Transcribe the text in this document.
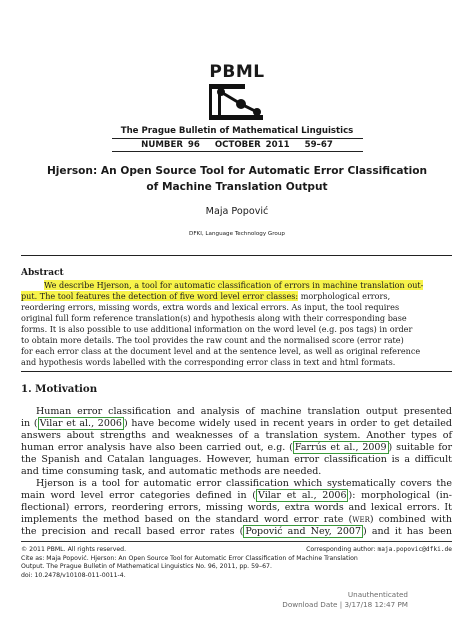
PBML
The Prague Bulletin of Mathematical Linguistics
NUMBER 96 OCTOBER 2011 59–67
Hjerson: An Open Source Tool for Automatic Error Classification
of Machine Translation Output
Maja Popović
DFKI, Language Technology Group
Abstract
We describe Hjerson, a tool for automatic classification of errors in machine translation out-
put. The tool features the detection of five word level error classes: morphological errors,
reordering errors, missing words, extra words and lexical errors. As input, the tool requires
original full form reference translation(s) and hypothesis along with their corresponding base
forms. It is also possible to use additional information on the word level (e.g. pos tags) in order
to obtain more details. The tool provides the raw count and the normalised score (error rate)
for each error class at the document level and at the sentence level, as well as original reference
and hypothesis words labelled with the corresponding error class in text and html formats.
1. Motivation
Human error classification and analysis of machine translation output presented
in ( Vilar et al., 2006 ) have become widely used in recent years in order to get detailed
answers about strengths and weaknesses of a translation system. Another types of
human error analysis have also been carried out, e.g. ( Farrús et al., 2009 ) suitable for
the Spanish and Catalan languages. However, human error classification is a difficult
and time consuming task, and automatic methods are needed.
Hjerson is a tool for automatic error classification which systematically covers the
main word level error categories defined in ( Vilar et al., 2006 ): morphological (in-
flectional) errors, reordering errors, missing words, extra words and lexical errors. It
implements the method based on the standard word error rate (wer) combined with
the precision and recall based error rates ( Popović and Ney, 2007 ) and it has been
© 2011 PBML. All rights reserved.	Corresponding author: maja.popovic@dfki.de
Cite as: Maja Popović. Hjerson: An Open Source Tool for Automatic Error Classification of Machine Translation
Output. The Prague Bulletin of Mathematical Linguistics No. 96, 2011, pp. 59–67.
doi: 10.2478/v10108-011-0011-4.
Unauthenticated
Download Date | 3/17/18 12:47 PM
